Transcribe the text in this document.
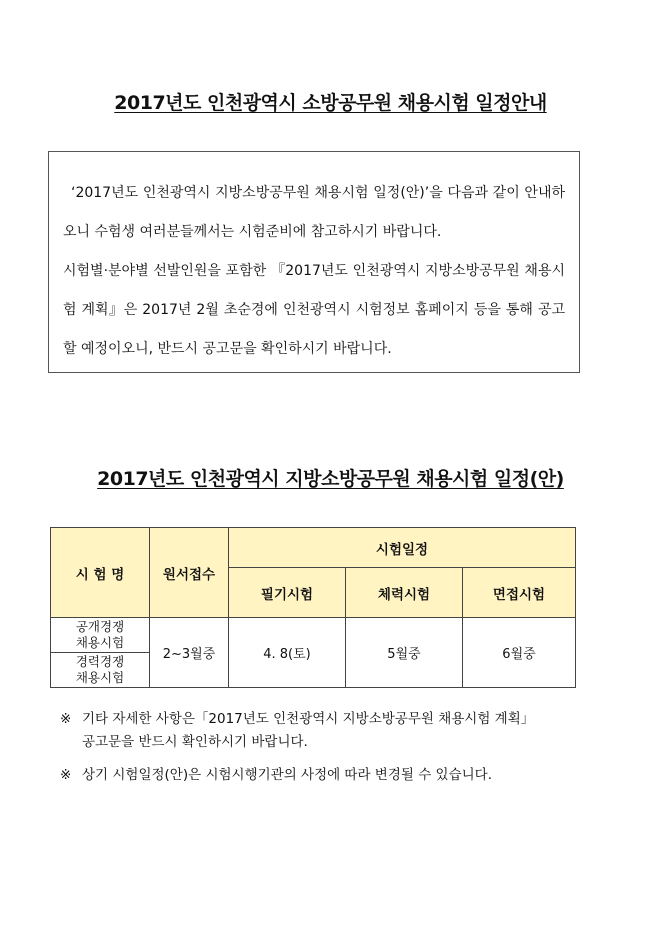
2017년도 인천광역시 소방공무원 채용시험 일정안내

‘2017년도 인천광역시 지방소방공무원 채용시험 일정(안)’을 다음과 같이 안내하오니 수험생 여러분들께서는 시험준비에 참고하시기 바랍니다.

시험별·분야별 선발인원을 포함한 『2017년도 인천광역시 지방소방공무원 채용시험 계획』은 2017년 2월 초순경에 인천광역시 시험정보 홈페이지 등을 통해 공고할 예정이오니, 반드시 공고문을 확인하시기 바랍니다.

2017년도 인천광역시 지방소방공무원 채용시험 일정(안)
시 험 명	원서접수	시험일정		
		필기시험	체력시험	면접시험
공개경쟁
채용시험	2~3월중	4. 8(토)	5월중	6월중
경력경쟁
채용시험				
※ 기타 자세한 사항은「2017년도 인천광역시 지방소방공무원 채용시험 계획」
공고문을 반드시 확인하시기 바랍니다.
※ 상기 시험일정(안)은 시험시행기관의 사정에 따라 변경될 수 있습니다.
